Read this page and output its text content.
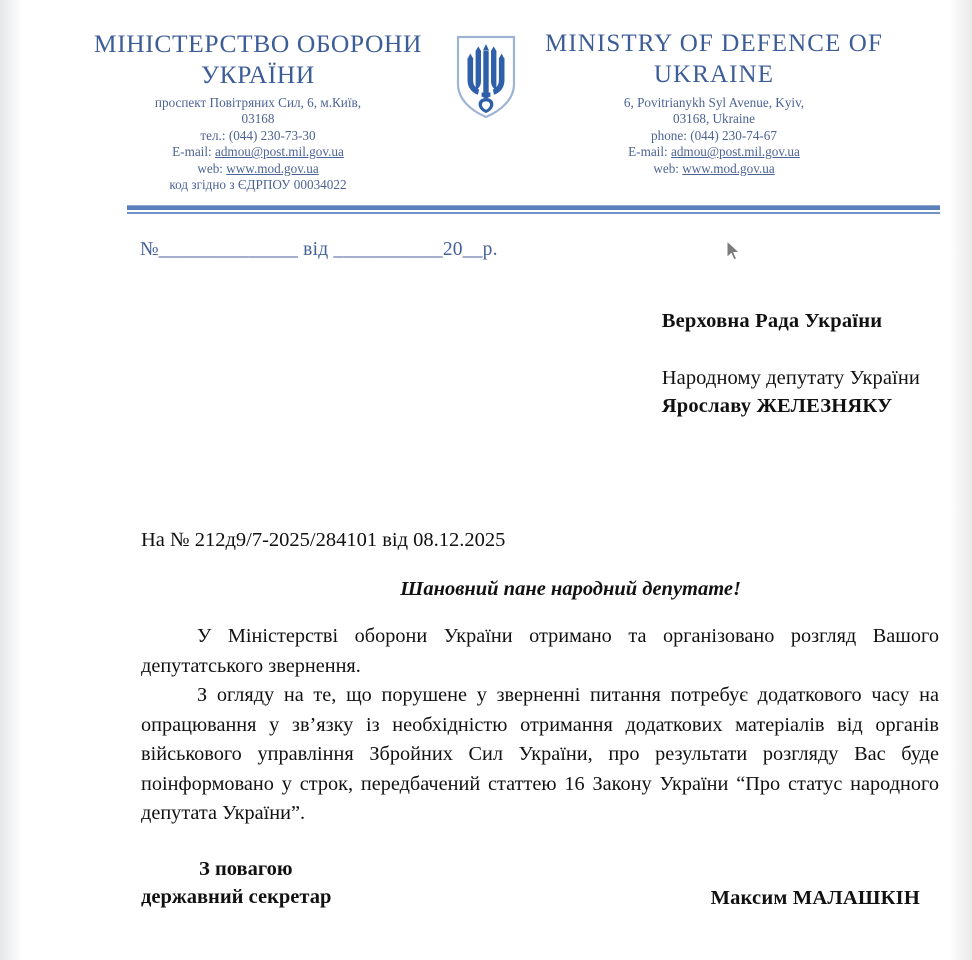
МІНІСТЕРСТВО ОБОРОНИ УКРАЇНИ
проспект Повітряних Сил, 6, м.Київ,
03168
тел.: (044) 230-73-30
E-mail: admou@post.mil.gov.ua
web: www.mod.gov.ua
код згідно з ЄДРПОУ 00034022
MINISTRY OF DEFENCE OF UKRAINE
6, Povitrianykh Syl Avenue, Kyiv,
03168, Ukraine
phone: (044) 230-74-67
E-mail: admou@post.mil.gov.ua
web: www.mod.gov.ua
№______________ від ___________20__р.
Верховна Рада України
Народному депутату України
Ярославу ЖЕЛЕЗНЯКУ
На № 212д9/7-2025/284101 від 08.12.2025
Шановний пане народний депутате!

У Міністерстві оборони України отримано та організовано розгляд Вашого депутатського звернення.

З огляду на те, що порушене у зверненні питання потребує додаткового часу на опрацювання у зв’язку із необхідністю отримання додаткових матеріалів від органів військового управління Збройних Сил України, про результати розгляду Вас буде поінформовано у строк, передбачений статтею 16 Закону України “Про статус народного депутата України”.

З повагою
державний секретар	Максим МАЛАШКІН
